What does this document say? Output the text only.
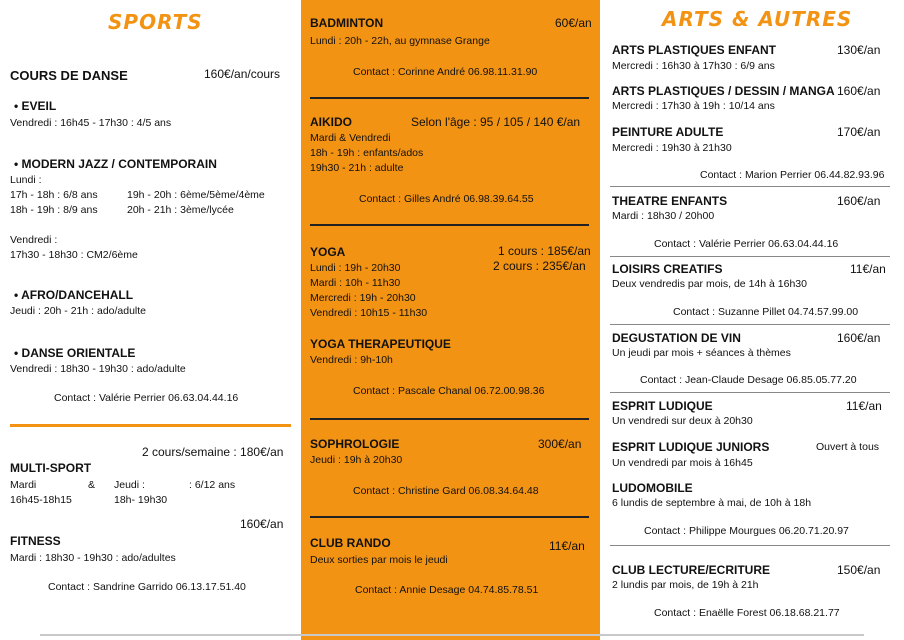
SPORTS
COURS DE DANSE	160€/an/cours
• EVEIL
Vendredi : 16h45 - 17h30 : 4/5 ans
• MODERN JAZZ / CONTEMPORAIN
Lundi :
17h - 18h : 6/8 ans	19h - 20h : 6ème/5ème/4ème
18h - 19h : 8/9 ans	20h - 21h : 3ème/lycée
Vendredi :
17h30 - 18h30 : CM2/6ème
• AFRO/DANCEHALL
Jeudi : 20h - 21h : ado/adulte
• DANSE ORIENTALE
Vendredi : 18h30 - 19h30 : ado/adulte
Contact : Valérie Perrier 06.63.04.44.16
2 cours/semaine : 180€/an
MULTI-SPORT
Mardi	& Jeudi :	: 6/12 ans
16h45-18h15	18h- 19h30
160€/an
FITNESS
Mardi : 18h30 - 19h30 : ado/adultes
Contact : Sandrine Garrido 06.13.17.51.40
BADMINTON	60€/an
Lundi : 20h - 22h, au gymnase Grange
Contact : Corinne André 06.98.11.31.90
AIKIDO	Selon l'âge : 95 / 105 / 140 €/an
Mardi & Vendredi
18h - 19h : enfants/ados
19h30 - 21h : adulte
Contact : Gilles André 06.98.39.64.55
YOGA	1 cours : 185€/an
2 cours : 235€/an
Lundi : 19h - 20h30
Mardi : 10h - 11h30
Mercredi : 19h - 20h30
Vendredi : 10h15 - 11h30
YOGA THERAPEUTIQUE
Vendredi : 9h-10h
Contact : Pascale Chanal 06.72.00.98.36
SOPHROLOGIE	300€/an
Jeudi : 19h à 20h30
Contact : Christine Gard 06.08.34.64.48
CLUB RANDO	11€/an
Deux sorties par mois le jeudi
Contact : Annie Desage 04.74.85.78.51
ARTS & AUTRES
ARTS PLASTIQUES ENFANT	130€/an
Mercredi : 16h30 à 17h30 : 6/9 ans
ARTS PLASTIQUES / DESSIN / MANGA 160€/an
Mercredi : 17h30 à 19h : 10/14 ans
PEINTURE ADULTE	170€/an
Mercredi : 19h30 à 21h30
Contact : Marion Perrier 06.44.82.93.96
THEATRE ENFANTS	160€/an
Mardi : 18h30 / 20h00
Contact : Valérie Perrier 06.63.04.44.16
LOISIRS CREATIFS	11€/an
Deux vendredis par mois, de 14h à 16h30
Contact : Suzanne Pillet 04.74.57.99.00
DEGUSTATION DE VIN	160€/an
Un jeudi par mois + séances à thèmes
Contact : Jean-Claude Desage 06.85.05.77.20
ESPRIT LUDIQUE	11€/an
Un vendredi sur deux à 20h30
ESPRIT LUDIQUE JUNIORS	Ouvert à tous
Un vendredi par mois à 16h45
LUDOMOBILE
6 lundis de septembre à mai, de 10h à 18h
Contact : Philippe Mourgues 06.20.71.20.97
CLUB LECTURE/ECRITURE	150€/an
2 lundis par mois, de 19h à 21h
Contact : Enaëlle Forest 06.18.68.21.77
